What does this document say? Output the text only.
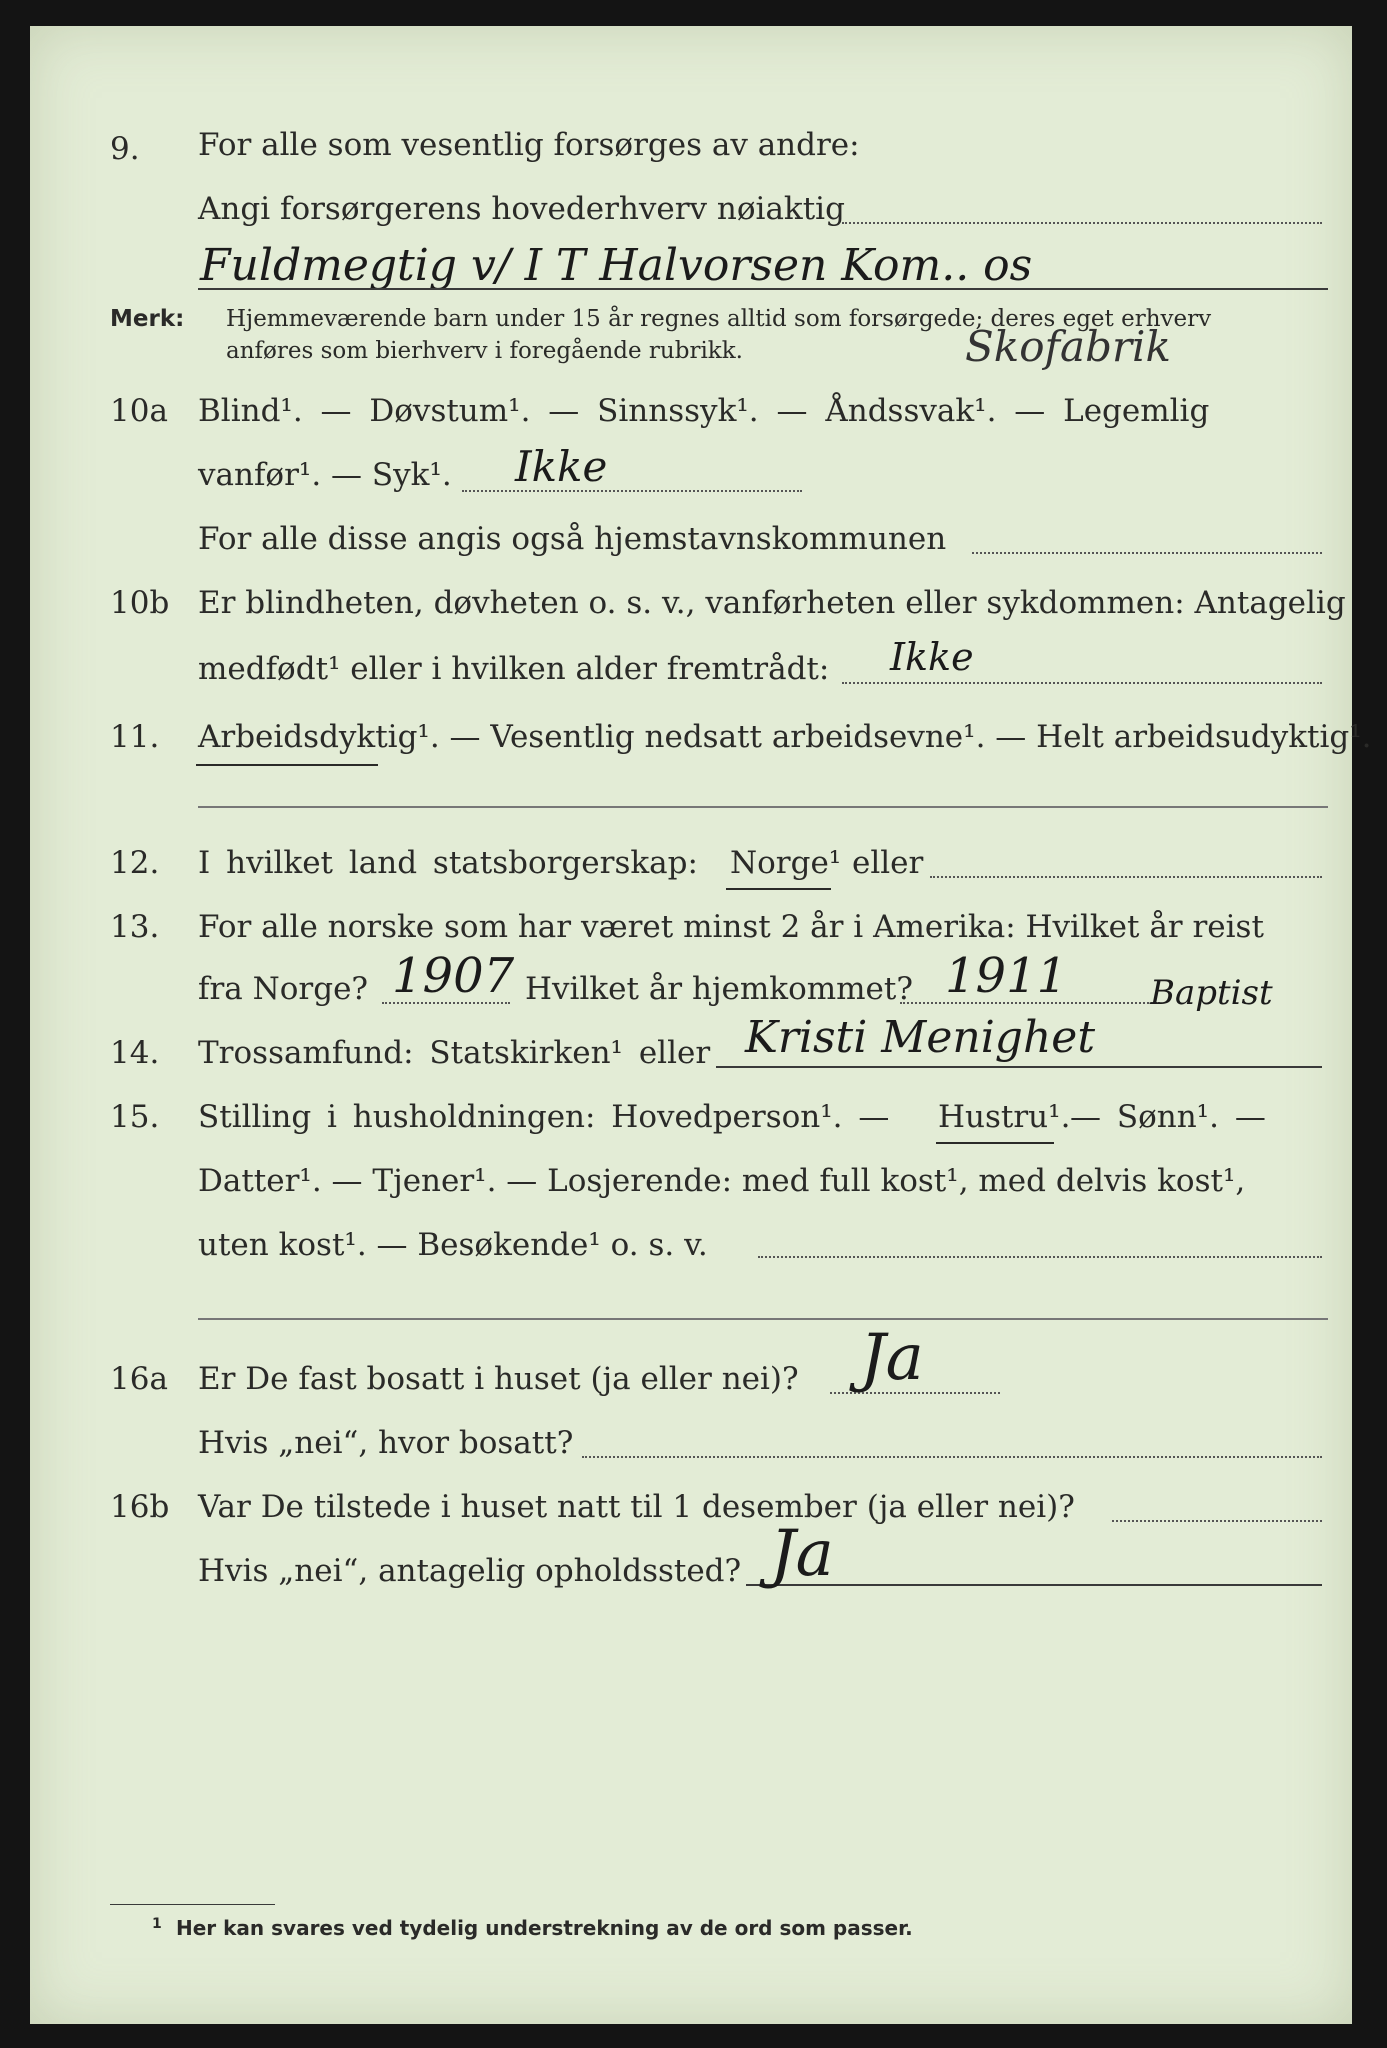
9. For alle som vesentlig forsørges av andre:
Angi forsørgerens hovederhverv nøiaktig
Fuldmegtig v/ I T Halvorsen Kom.. os
Merk: Hjemmeværende barn under 15 år regnes alltid som forsørgede; deres eget erhverv
anføres som bierhverv i foregående rubrikk.	Skofabrik
10a Blind¹. — Døvstum¹. — Sinnssyk¹. — Åndssvak¹. — Legemlig
vanfør¹. — Syk¹. Ikke
For alle disse angis også hjemstavnskommunen
10b Er blindheten, døvheten o. s. v., vanførheten eller sykdommen: Antagelig
medfødt¹ eller i hvilken alder fremtrådt: Ikke
11. Arbeidsdyktig¹. — Vesentlig nedsatt arbeidsevne¹. — Helt arbeidsudyktig¹.
12. I hvilket land statsborgerskap: Norge¹ eller
13. For alle norske som har været minst 2 år i Amerika: Hvilket år reist
fra Norge? 1907 Hvilket år hjemkommet? 1911 Baptist
14. Trossamfund: Statskirken¹ eller Kristi Menighet
15. Stilling i husholdningen: Hovedperson¹. — Hustru¹. — Sønn¹. —
Datter¹. — Tjener¹. — Losjerende: med full kost¹, med delvis kost¹,
uten kost¹. — Besøkende¹ o. s. v.
16a Er De fast bosatt i huset (ja eller nei)? Ja
Hvis „nei“, hvor bosatt?
16b Var De tilstede i huset natt til 1 desember (ja eller nei)?
Hvis „nei“, antagelig opholdssted? Ja
1 Her kan svares ved tydelig understrekning av de ord som passer.
